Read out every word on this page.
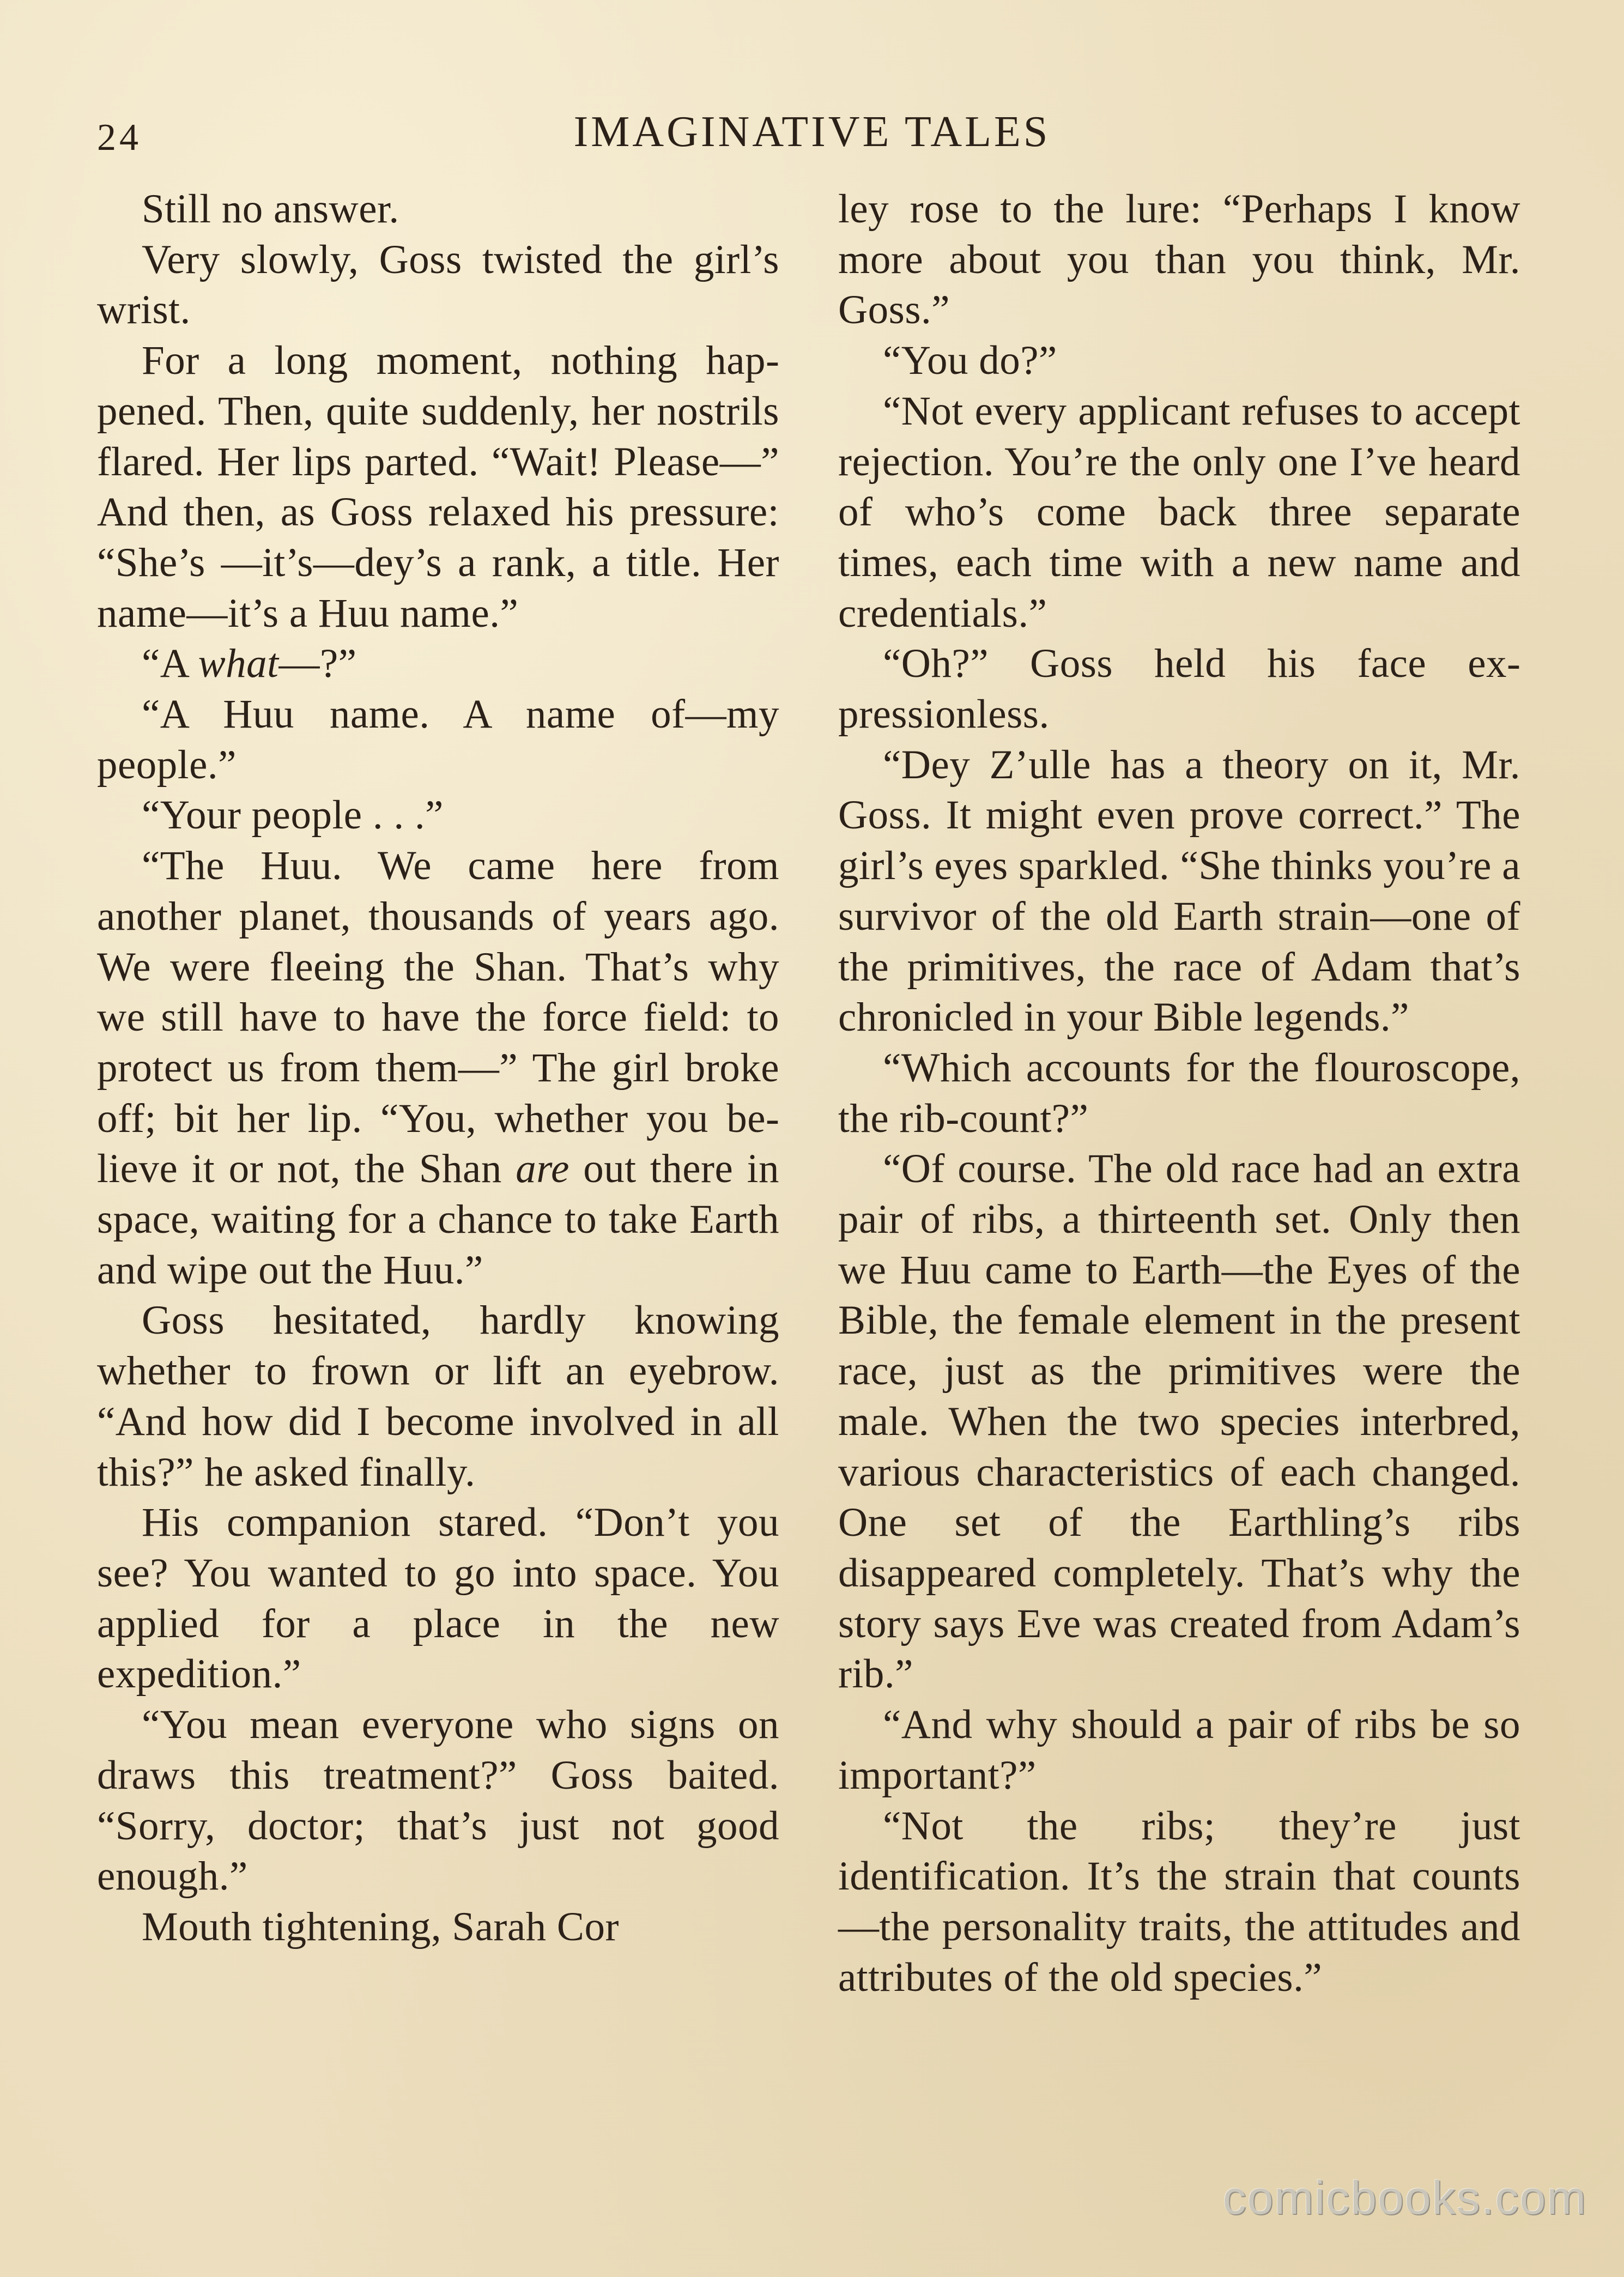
24	IMAGINATIVE TALES

Still no answer.

Very slowly, Goss twisted the girl’s wrist.

For a long moment, nothing happened. Then, quite suddenly, her nostrils flared. Her lips parted. “Wait! Please—” And then, as Goss relaxed his pressure: “She’s —it’s—dey’s a rank, a title. Her name—it’s a Huu name.”

“A what—?”

“A Huu name. A name of—my people.”

“Your people . . .”

“The Huu. We came here from another planet, thousands of years ago. We were fleeing the Shan. That’s why we still have to have the force field: to protect us from them—” The girl broke off; bit her lip. “You, whether you believe it or not, the Shan are out there in space, waiting for a chance to take Earth and wipe out the Huu.”

Goss hesitated, hardly knowing whether to frown or lift an eyebrow. “And how did I become involved in all this?” he asked finally.

His companion stared. “Don’t you see? You wanted to go into space. You applied for a place in the new expedition.”

“You mean everyone who signs on draws this treatment?” Goss baited. “Sorry, doctor; that’s just not good enough.”

Mouth tightening, Sarah Cor

ley rose to the lure: “Perhaps I know more about you than you think, Mr. Goss.”

“You do?”

“Not every applicant refuses to accept rejection. You’re the only one I’ve heard of who’s come back three separate times, each time with a new name and credentials.”

“Oh?” Goss held his face expressionless.

“Dey Z’ulle has a theory on it, Mr. Goss. It might even prove correct.” The girl’s eyes sparkled. “She thinks you’re a survivor of the old Earth strain—one of the primitives, the race of Adam that’s chronicled in your Bible legends.”

“Which accounts for the flouroscope, the rib-count?”

“Of course. The old race had an extra pair of ribs, a thirteenth set. Only then we Huu came to Earth—the Eyes of the Bible, the female element in the present race, just as the primitives were the male. When the two species interbred, various characteristics of each changed. One set of the Earthling’s ribs disappeared completely. That’s why the story says Eve was created from Adam’s rib.”

“And why should a pair of ribs be so important?”

“Not the ribs; they’re just identification. It’s the strain that counts—the personality traits, the attitudes and attributes of the old species.”

comicbooks.com
